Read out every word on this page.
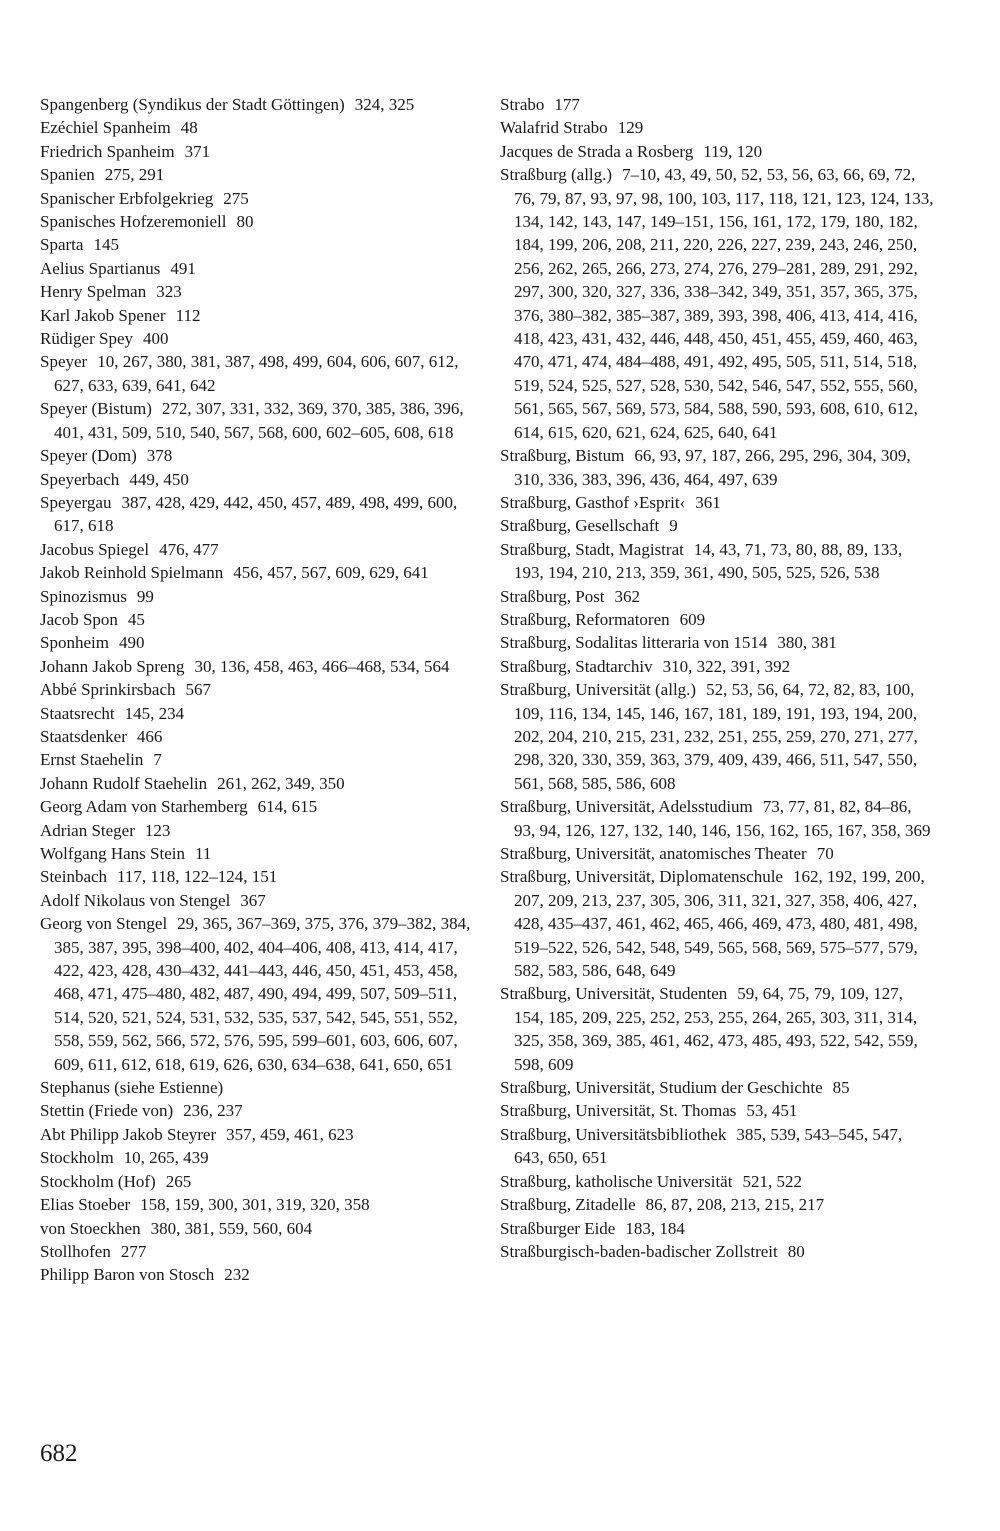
Spangenberg (Syndikus der Stadt Göttingen) 324, 325

Ezéchiel Spanheim 48

Friedrich Spanheim 371

Spanien 275, 291

Spanischer Erbfolgekrieg 275

Spanisches Hofzeremoniell 80

Sparta 145

Aelius Spartianus 491

Henry Spelman 323

Karl Jakob Spener 112

Rüdiger Spey 400

Speyer 10, 267, 380, 381, 387, 498, 499, 604, 606, 607, 612, 627, 633, 639, 641, 642

Speyer (Bistum) 272, 307, 331, 332, 369, 370, 385, 386, 396, 401, 431, 509, 510, 540, 567, 568, 600, 602–605, 608, 618

Speyer (Dom) 378

Speyerbach 449, 450

Speyergau 387, 428, 429, 442, 450, 457, 489, 498, 499, 600, 617, 618

Jacobus Spiegel 476, 477

Jakob Reinhold Spielmann 456, 457, 567, 609, 629, 641

Spinozismus 99

Jacob Spon 45

Sponheim 490

Johann Jakob Spreng 30, 136, 458, 463, 466–468, 534, 564

Abbé Sprinkirsbach 567

Staatsrecht 145, 234

Staatsdenker 466

Ernst Staehelin 7

Johann Rudolf Staehelin 261, 262, 349, 350

Georg Adam von Starhemberg 614, 615

Adrian Steger 123

Wolfgang Hans Stein 11

Steinbach 117, 118, 122–124, 151

Adolf Nikolaus von Stengel 367

Georg von Stengel 29, 365, 367–369, 375, 376, 379–382, 384, 385, 387, 395, 398–400, 402, 404–406, 408, 413, 414, 417, 422, 423, 428, 430–432, 441–443, 446, 450, 451, 453, 458, 468, 471, 475–480, 482, 487, 490, 494, 499, 507, 509–511, 514, 520, 521, 524, 531, 532, 535, 537, 542, 545, 551, 552, 558, 559, 562, 566, 572, 576, 595, 599–601, 603, 606, 607, 609, 611, 612, 618, 619, 626, 630, 634–638, 641, 650, 651

Stephanus (siehe Estienne)

Stettin (Friede von) 236, 237

Abt Philipp Jakob Steyrer 357, 459, 461, 623

Stockholm 10, 265, 439

Stockholm (Hof) 265

Elias Stoeber 158, 159, 300, 301, 319, 320, 358

von Stoeckhen 380, 381, 559, 560, 604

Stollhofen 277

Philipp Baron von Stosch 232

Strabo 177

Walafrid Strabo 129

Jacques de Strada a Rosberg 119, 120

Straßburg (allg.) 7–10, 43, 49, 50, 52, 53, 56, 63, 66, 69, 72, 76, 79, 87, 93, 97, 98, 100, 103, 117, 118, 121, 123, 124, 133, 134, 142, 143, 147, 149–151, 156, 161, 172, 179, 180, 182, 184, 199, 206, 208, 211, 220, 226, 227, 239, 243, 246, 250, 256, 262, 265, 266, 273, 274, 276, 279–281, 289, 291, 292, 297, 300, 320, 327, 336, 338–342, 349, 351, 357, 365, 375, 376, 380–382, 385–387, 389, 393, 398, 406, 413, 414, 416, 418, 423, 431, 432, 446, 448, 450, 451, 455, 459, 460, 463, 470, 471, 474, 484–488, 491, 492, 495, 505, 511, 514, 518, 519, 524, 525, 527, 528, 530, 542, 546, 547, 552, 555, 560, 561, 565, 567, 569, 573, 584, 588, 590, 593, 608, 610, 612, 614, 615, 620, 621, 624, 625, 640, 641

Straßburg, Bistum 66, 93, 97, 187, 266, 295, 296, 304, 309, 310, 336, 383, 396, 436, 464, 497, 639

Straßburg, Gasthof ›Esprit‹ 361

Straßburg, Gesellschaft 9

Straßburg, Stadt, Magistrat 14, 43, 71, 73, 80, 88, 89, 133, 193, 194, 210, 213, 359, 361, 490, 505, 525, 526, 538

Straßburg, Post 362

Straßburg, Reformatoren 609

Straßburg, Sodalitas litteraria von 1514 380, 381

Straßburg, Stadtarchiv 310, 322, 391, 392

Straßburg, Universität (allg.) 52, 53, 56, 64, 72, 82, 83, 100, 109, 116, 134, 145, 146, 167, 181, 189, 191, 193, 194, 200, 202, 204, 210, 215, 231, 232, 251, 255, 259, 270, 271, 277, 298, 320, 330, 359, 363, 379, 409, 439, 466, 511, 547, 550, 561, 568, 585, 586, 608

Straßburg, Universität, Adelsstudium 73, 77, 81, 82, 84–86, 93, 94, 126, 127, 132, 140, 146, 156, 162, 165, 167, 358, 369

Straßburg, Universität, anatomisches Theater 70

Straßburg, Universität, Diplomatenschule 162, 192, 199, 200, 207, 209, 213, 237, 305, 306, 311, 321, 327, 358, 406, 427, 428, 435–437, 461, 462, 465, 466, 469, 473, 480, 481, 498, 519–522, 526, 542, 548, 549, 565, 568, 569, 575–577, 579, 582, 583, 586, 648, 649

Straßburg, Universität, Studenten 59, 64, 75, 79, 109, 127, 154, 185, 209, 225, 252, 253, 255, 264, 265, 303, 311, 314, 325, 358, 369, 385, 461, 462, 473, 485, 493, 522, 542, 559, 598, 609

Straßburg, Universität, Studium der Geschichte 85

Straßburg, Universität, St. Thomas 53, 451

Straßburg, Universitätsbibliothek 385, 539, 543–545, 547, 643, 650, 651

Straßburg, katholische Universität 521, 522

Straßburg, Zitadelle 86, 87, 208, 213, 215, 217

Straßburger Eide 183, 184

Straßburgisch-baden-badischer Zollstreit 80

682
